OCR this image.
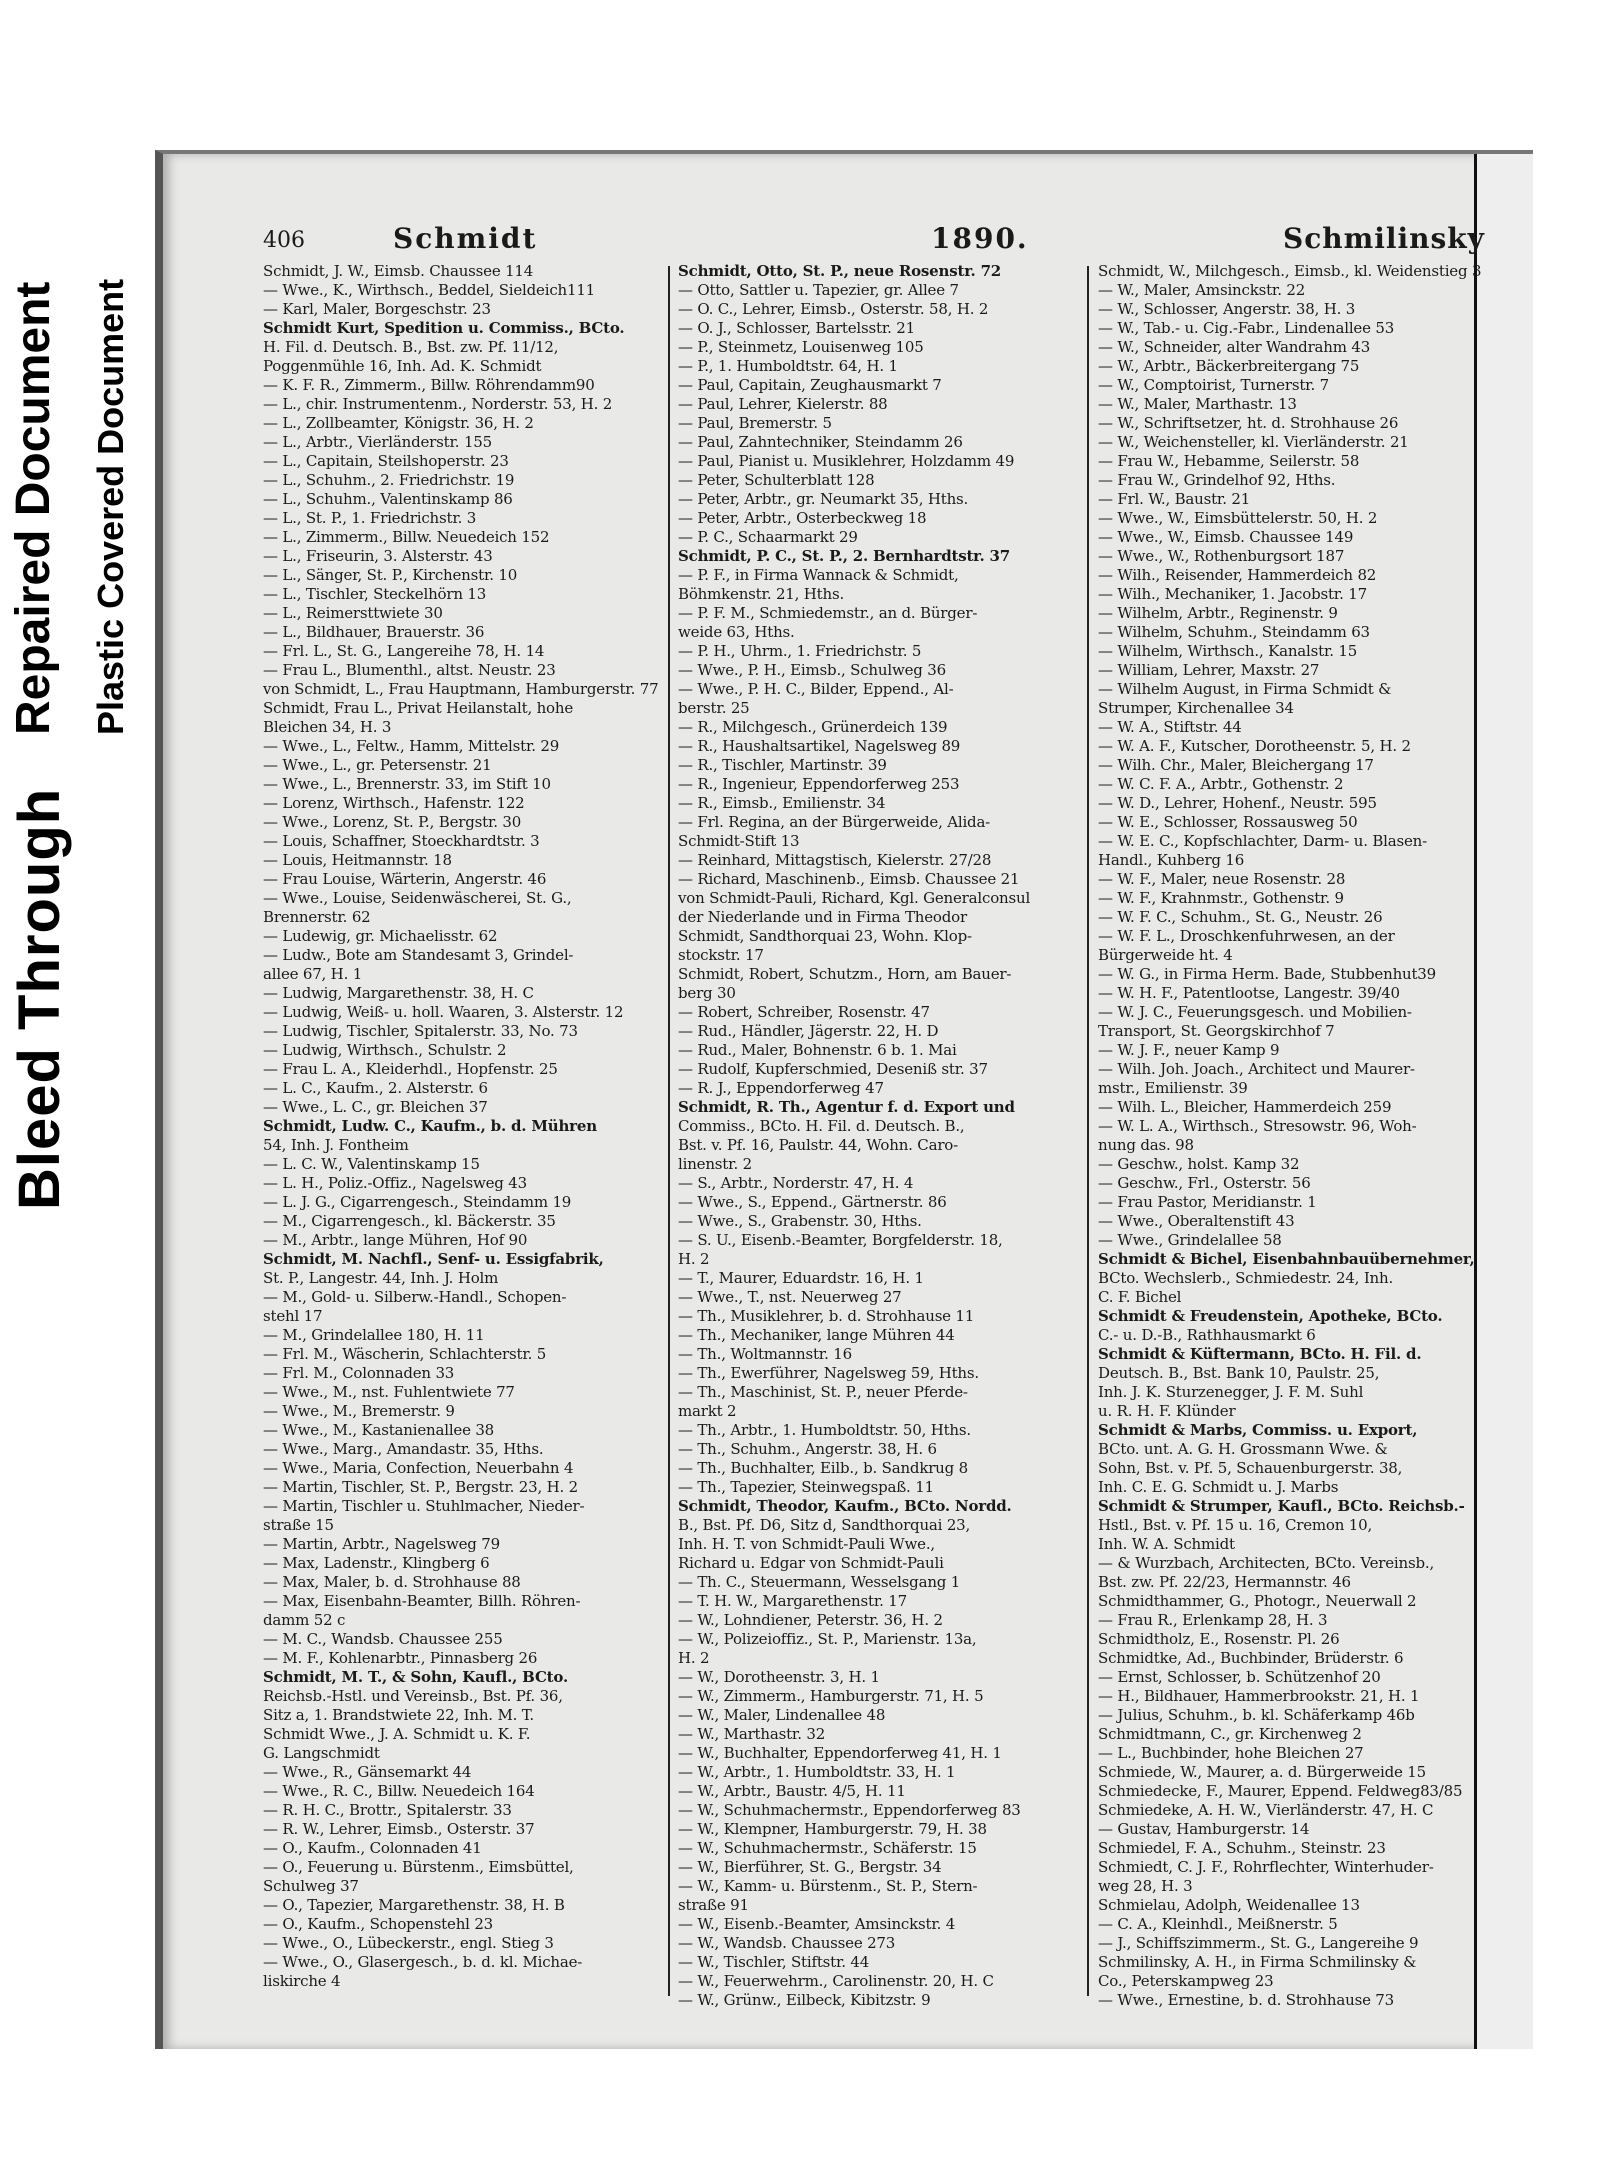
Bleed Through
Repaired Document Plastic Covered Document
406	Schmidt	1890.	Schmilinsky

Schmidt, J. W., Eimsb. Chaussee 114

— Wwe., K., Wirthsch., Beddel, Sieldeich111

— Karl, Maler, Borgeschstr. 23

Schmidt Kurt, Spedition u. Commiss., BCto.

H. Fil. d. Deutsch. B., Bst. zw. Pf. 11/12,

Poggenmühle 16, Inh. Ad. K. Schmidt

— K. F. R., Zimmerm., Billw. Röhrendamm90

— L., chir. Instrumentenm., Norderstr. 53, H. 2

— L., Zollbeamter, Königstr. 36, H. 2

— L., Arbtr., Vierländerstr. 155

— L., Capitain, Steilshoperstr. 23

— L., Schuhm., 2. Friedrichstr. 19

— L., Schuhm., Valentinskamp 86

— L., St. P., 1. Friedrichstr. 3

— L., Zimmerm., Billw. Neuedeich 152

— L., Friseurin, 3. Alsterstr. 43

— L., Sänger, St. P., Kirchenstr. 10

— L., Tischler, Steckelhörn 13

— L., Reimersttwiete 30

— L., Bildhauer, Brauerstr. 36

— Frl. L., St. G., Langereihe 78, H. 14

— Frau L., Blumenthl., altst. Neustr. 23

von Schmidt, L., Frau Hauptmann, Hamburgerstr. 77

Schmidt, Frau L., Privat Heilanstalt, hohe

Bleichen 34, H. 3

— Wwe., L., Feltw., Hamm, Mittelstr. 29

— Wwe., L., gr. Petersenstr. 21

— Wwe., L., Brennerstr. 33, im Stift 10

— Lorenz, Wirthsch., Hafenstr. 122

— Wwe., Lorenz, St. P., Bergstr. 30

— Louis, Schaffner, Stoeckhardtstr. 3

— Louis, Heitmannstr. 18

— Frau Louise, Wärterin, Angerstr. 46

— Wwe., Louise, Seidenwäscherei, St. G.,

Brennerstr. 62

— Ludewig, gr. Michaelisstr. 62

— Ludw., Bote am Standesamt 3, Grindel-

allee 67, H. 1

— Ludwig, Margarethenstr. 38, H. C

— Ludwig, Weiß- u. holl. Waaren, 3. Alsterstr. 12

— Ludwig, Tischler, Spitalerstr. 33, No. 73

— Ludwig, Wirthsch., Schulstr. 2

— Frau L. A., Kleiderhdl., Hopfenstr. 25

— L. C., Kaufm., 2. Alsterstr. 6

— Wwe., L. C., gr. Bleichen 37

Schmidt, Ludw. C., Kaufm., b. d. Mühren

54, Inh. J. Fontheim

— L. C. W., Valentinskamp 15

— L. H., Poliz.-Offiz., Nagelsweg 43

— L. J. G., Cigarrengesch., Steindamm 19

— M., Cigarrengesch., kl. Bäckerstr. 35

— M., Arbtr., lange Mühren, Hof 90

Schmidt, M. Nachfl., Senf- u. Essigfabrik,

St. P., Langestr. 44, Inh. J. Holm

— M., Gold- u. Silberw.-Handl., Schopen-

stehl 17

— M., Grindelallee 180, H. 11

— Frl. M., Wäscherin, Schlachterstr. 5

— Frl. M., Colonnaden 33

— Wwe., M., nst. Fuhlentwiete 77

— Wwe., M., Bremerstr. 9

— Wwe., M., Kastanienallee 38

— Wwe., Marg., Amandastr. 35, Hths.

— Wwe., Maria, Confection, Neuerbahn 4

— Martin, Tischler, St. P., Bergstr. 23, H. 2

— Martin, Tischler u. Stuhlmacher, Nieder-

straße 15

— Martin, Arbtr., Nagelsweg 79

— Max, Ladenstr., Klingberg 6

— Max, Maler, b. d. Strohhause 88

— Max, Eisenbahn-Beamter, Billh. Röhren-

damm 52 c

— M. C., Wandsb. Chaussee 255

— M. F., Kohlenarbtr., Pinnasberg 26

Schmidt, M. T., & Sohn, Kaufl., BCto.

Reichsb.-Hstl. und Vereinsb., Bst. Pf. 36,

Sitz a, 1. Brandstwiete 22, Inh. M. T.

Schmidt Wwe., J. A. Schmidt u. K. F.

G. Langschmidt

— Wwe., R., Gänsemarkt 44

— Wwe., R. C., Billw. Neuedeich 164

— R. H. C., Brottr., Spitalerstr. 33

— R. W., Lehrer, Eimsb., Osterstr. 37

— O., Kaufm., Colonnaden 41

— O., Feuerung u. Bürstenm., Eimsbüttel,

Schulweg 37

— O., Tapezier, Margarethenstr. 38, H. B

— O., Kaufm., Schopenstehl 23

— Wwe., O., Lübeckerstr., engl. Stieg 3

— Wwe., O., Glasergesch., b. d. kl. Michae-

liskirche 4

Schmidt, Otto, St. P., neue Rosenstr. 72

— Otto, Sattler u. Tapezier, gr. Allee 7

— O. C., Lehrer, Eimsb., Osterstr. 58, H. 2

— O. J., Schlosser, Bartelsstr. 21

— P., Steinmetz, Louisenweg 105

— P., 1. Humboldtstr. 64, H. 1

— Paul, Capitain, Zeughausmarkt 7

— Paul, Lehrer, Kielerstr. 88

— Paul, Bremerstr. 5

— Paul, Zahntechniker, Steindamm 26

— Paul, Pianist u. Musiklehrer, Holzdamm 49

— Peter, Schulterblatt 128

— Peter, Arbtr., gr. Neumarkt 35, Hths.

— Peter, Arbtr., Osterbeckweg 18

— P. C., Schaarmarkt 29

Schmidt, P. C., St. P., 2. Bernhardtstr. 37

— P. F., in Firma Wannack & Schmidt,

Böhmkenstr. 21, Hths.

— P. F. M., Schmiedemstr., an d. Bürger-

weide 63, Hths.

— P. H., Uhrm., 1. Friedrichstr. 5

— Wwe., P. H., Eimsb., Schulweg 36

— Wwe., P. H. C., Bilder, Eppend., Al-

berstr. 25

— R., Milchgesch., Grünerdeich 139

— R., Haushaltsartikel, Nagelsweg 89

— R., Tischler, Martinstr. 39

— R., Ingenieur, Eppendorferweg 253

— R., Eimsb., Emilienstr. 34

— Frl. Regina, an der Bürgerweide, Alida-

Schmidt-Stift 13

— Reinhard, Mittagstisch, Kielerstr. 27/28

— Richard, Maschinenb., Eimsb. Chaussee 21

von Schmidt-Pauli, Richard, Kgl. Generalconsul

der Niederlande und in Firma Theodor

Schmidt, Sandthorquai 23, Wohn. Klop-

stockstr. 17

Schmidt, Robert, Schutzm., Horn, am Bauer-

berg 30

— Robert, Schreiber, Rosenstr. 47

— Rud., Händler, Jägerstr. 22, H. D

— Rud., Maler, Bohnenstr. 6 b. 1. Mai

— Rudolf, Kupferschmied, Deseniß str. 37

— R. J., Eppendorferweg 47

Schmidt, R. Th., Agentur f. d. Export und

Commiss., BCto. H. Fil. d. Deutsch. B.,

Bst. v. Pf. 16, Paulstr. 44, Wohn. Caro-

linenstr. 2

— S., Arbtr., Norderstr. 47, H. 4

— Wwe., S., Eppend., Gärtnerstr. 86

— Wwe., S., Grabenstr. 30, Hths.

— S. U., Eisenb.-Beamter, Borgfelderstr. 18,

H. 2

— T., Maurer, Eduardstr. 16, H. 1

— Wwe., T., nst. Neuerweg 27

— Th., Musiklehrer, b. d. Strohhause 11

— Th., Mechaniker, lange Mühren 44

— Th., Woltmannstr. 16

— Th., Ewerführer, Nagelsweg 59, Hths.

— Th., Maschinist, St. P., neuer Pferde-

markt 2

— Th., Arbtr., 1. Humboldtstr. 50, Hths.

— Th., Schuhm., Angerstr. 38, H. 6

— Th., Buchhalter, Eilb., b. Sandkrug 8

— Th., Tapezier, Steinwegspaß. 11

Schmidt, Theodor, Kaufm., BCto. Nordd.

B., Bst. Pf. D6, Sitz d, Sandthorquai 23,

Inh. H. T. von Schmidt-Pauli Wwe.,

Richard u. Edgar von Schmidt-Pauli

— Th. C., Steuermann, Wesselsgang 1

— T. H. W., Margarethenstr. 17

— W., Lohndiener, Peterstr. 36, H. 2

— W., Polizeioffiz., St. P., Marienstr. 13a,

H. 2

— W., Dorotheenstr. 3, H. 1

— W., Zimmerm., Hamburgerstr. 71, H. 5

— W., Maler, Lindenallee 48

— W., Marthastr. 32

— W., Buchhalter, Eppendorferweg 41, H. 1

— W., Arbtr., 1. Humboldtstr. 33, H. 1

— W., Arbtr., Baustr. 4/5, H. 11

— W., Schuhmachermstr., Eppendorferweg 83

— W., Klempner, Hamburgerstr. 79, H. 38

— W., Schuhmachermstr., Schäferstr. 15

— W., Bierführer, St. G., Bergstr. 34

— W., Kamm- u. Bürstenm., St. P., Stern-

straße 91

— W., Eisenb.-Beamter, Amsinckstr. 4

— W., Wandsb. Chaussee 273

— W., Tischler, Stiftstr. 44

— W., Feuerwehrm., Carolinenstr. 20, H. C

— W., Grünw., Eilbeck, Kibitzstr. 9

Schmidt, W., Milchgesch., Eimsb., kl. Weidenstieg 3

— W., Maler, Amsinckstr. 22

— W., Schlosser, Angerstr. 38, H. 3

— W., Tab.- u. Cig.-Fabr., Lindenallee 53

— W., Schneider, alter Wandrahm 43

— W., Arbtr., Bäckerbreitergang 75

— W., Comptoirist, Turnerstr. 7

— W., Maler, Marthastr. 13

— W., Schriftsetzer, ht. d. Strohhause 26

— W., Weichensteller, kl. Vierländerstr. 21

— Frau W., Hebamme, Seilerstr. 58

— Frau W., Grindelhof 92, Hths.

— Frl. W., Baustr. 21

— Wwe., W., Eimsbüttelerstr. 50, H. 2

— Wwe., W., Eimsb. Chaussee 149

— Wwe., W., Rothenburgsort 187

— Wilh., Reisender, Hammerdeich 82

— Wilh., Mechaniker, 1. Jacobstr. 17

— Wilhelm, Arbtr., Reginenstr. 9

— Wilhelm, Schuhm., Steindamm 63

— Wilhelm, Wirthsch., Kanalstr. 15

— William, Lehrer, Maxstr. 27

— Wilhelm August, in Firma Schmidt &

Strumper, Kirchenallee 34

— W. A., Stiftstr. 44

— W. A. F., Kutscher, Dorotheenstr. 5, H. 2

— Wilh. Chr., Maler, Bleichergang 17

— W. C. F. A., Arbtr., Gothenstr. 2

— W. D., Lehrer, Hohenf., Neustr. 595

— W. E., Schlosser, Rossausweg 50

— W. E. C., Kopfschlachter, Darm- u. Blasen-

Handl., Kuhberg 16

— W. F., Maler, neue Rosenstr. 28

— W. F., Krahnmstr., Gothenstr. 9

— W. F. C., Schuhm., St. G., Neustr. 26

— W. F. L., Droschkenfuhrwesen, an der

Bürgerweide ht. 4

— W. G., in Firma Herm. Bade, Stubbenhut39

— W. H. F., Patentlootse, Langestr. 39/40

— W. J. C., Feuerungsgesch. und Mobilien-

Transport, St. Georgskirchhof 7

— W. J. F., neuer Kamp 9

— Wilh. Joh. Joach., Architect und Maurer-

mstr., Emilienstr. 39

— Wilh. L., Bleicher, Hammerdeich 259

— W. L. A., Wirthsch., Stresowstr. 96, Woh-

nung das. 98

— Geschw., holst. Kamp 32

— Geschw., Frl., Osterstr. 56

— Frau Pastor, Meridianstr. 1

— Wwe., Oberaltenstift 43

— Wwe., Grindelallee 58

Schmidt & Bichel, Eisenbahnbauübernehmer,

BCto. Wechslerb., Schmiedestr. 24, Inh.

C. F. Bichel

Schmidt & Freudenstein, Apotheke, BCto.

C.- u. D.-B., Rathhausmarkt 6

Schmidt & Küftermann, BCto. H. Fil. d.

Deutsch. B., Bst. Bank 10, Paulstr. 25,

Inh. J. K. Sturzenegger, J. F. M. Suhl

u. R. H. F. Klünder

Schmidt & Marbs, Commiss. u. Export,

BCto. unt. A. G. H. Grossmann Wwe. &

Sohn, Bst. v. Pf. 5, Schauenburgerstr. 38,

Inh. C. E. G. Schmidt u. J. Marbs

Schmidt & Strumper, Kaufl., BCto. Reichsb.-

Hstl., Bst. v. Pf. 15 u. 16, Cremon 10,

Inh. W. A. Schmidt

— & Wurzbach, Architecten, BCto. Vereinsb.,

Bst. zw. Pf. 22/23, Hermannstr. 46

Schmidthammer, G., Photogr., Neuerwall 2

— Frau R., Erlenkamp 28, H. 3

Schmidtholz, E., Rosenstr. Pl. 26

Schmidtke, Ad., Buchbinder, Brüderstr. 6

— Ernst, Schlosser, b. Schützenhof 20

— H., Bildhauer, Hammerbrookstr. 21, H. 1

— Julius, Schuhm., b. kl. Schäferkamp 46b

Schmidtmann, C., gr. Kirchenweg 2

— L., Buchbinder, hohe Bleichen 27

Schmiede, W., Maurer, a. d. Bürgerweide 15

Schmiedecke, F., Maurer, Eppend. Feldweg83/85

Schmiedeke, A. H. W., Vierländerstr. 47, H. C

— Gustav, Hamburgerstr. 14

Schmiedel, F. A., Schuhm., Steinstr. 23

Schmiedt, C. J. F., Rohrflechter, Winterhuder-

weg 28, H. 3

Schmielau, Adolph, Weidenallee 13

— C. A., Kleinhdl., Meißnerstr. 5

— J., Schiffszimmerm., St. G., Langereihe 9

Schmilinsky, A. H., in Firma Schmilinsky &

Co., Peterskampweg 23

— Wwe., Ernestine, b. d. Strohhause 73
